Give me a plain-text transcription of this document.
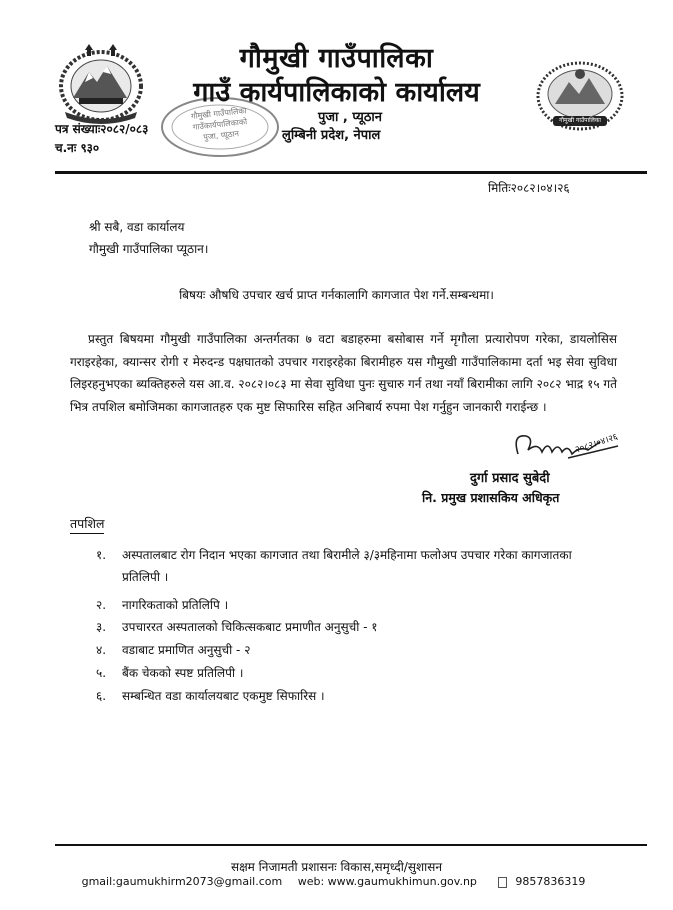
गौमुखी गाउँपालिका
गाउँकार्यपालिकाको
पुजा, प्यूठान
गौमुखी गाउँपालिका
गाउँ कार्यपालिकाको कार्यालय
पुजा , प्यूठान
लुम्बिनी प्रदेश, नेपाल
गौमुखी गाउँपालिका
पत्र संख्याः२०८२/०८३
च.नः ९३०
मितिः२०८२।०४।२६
श्री सबै, वडा कार्यालय
गौमुखी गाउँपालिका प्यूठान।
बिषयः औषधि उपचार खर्च प्राप्त गर्नकालागि कागजात पेश गर्ने.सम्बन्धमा।
प्रस्तुत बिषयमा गौमुखी गाउँपालिका अन्तर्गतका ७ वटा बडाहरुमा बसोबास गर्ने मृगौला प्रत्यारोपण गरेका, डायलोसिस गराइरहेका, क्यान्सर रोगी र मेरुदन्ड पक्षघातको उपचार गराइरहेका बिरामीहरु यस गौमुखी गाउँपालिकामा दर्ता भइ सेवा सुविधा लिइरहनुभएका ब्यक्तिहरुले यस आ.व. २०८२।०८३ मा सेवा सुविधा पुनः सुचारु गर्न तथा नयाँ बिरामीका लागि २०८२ भाद्र १५ गते भित्र तपशिल बमोजिमका कागजातहरु एक मुष्ट सिफारिस सहित अनिबार्य रुपमा पेश गर्नुहुन जानकारी गराईन्छ ।
२०८२।०४।२६
दुर्गा प्रसाद सुबेदी
नि. प्रमुख प्रशासकिय अधिकृत
तपशिल
१.	अस्पतालबाट रोग निदान भएका कागजात तथा बिरामीले ३/३महिनामा फलोअप उपचार गरेका कागजातका प्रतिलिपी ।
२.	नागरिकताको प्रतिलिपि ।
३.	उपचाररत अस्पतालको चिकित्सकबाट प्रमाणीत अनुसुची - १
४.	वडाबाट प्रमाणित अनुसुची - २
५.	बैंक चेकको स्पष्ट प्रतिलिपी ।
६.	सम्बन्धित वडा कार्यालयबाट एकमुष्ट सिफारिस ।
सक्षम निजामती प्रशासनः विकास,समृध्दी/सुशासन
gmail:gaumukhirm2073@gmail.com web: www.gaumukhimun.gov.np	9857836319
